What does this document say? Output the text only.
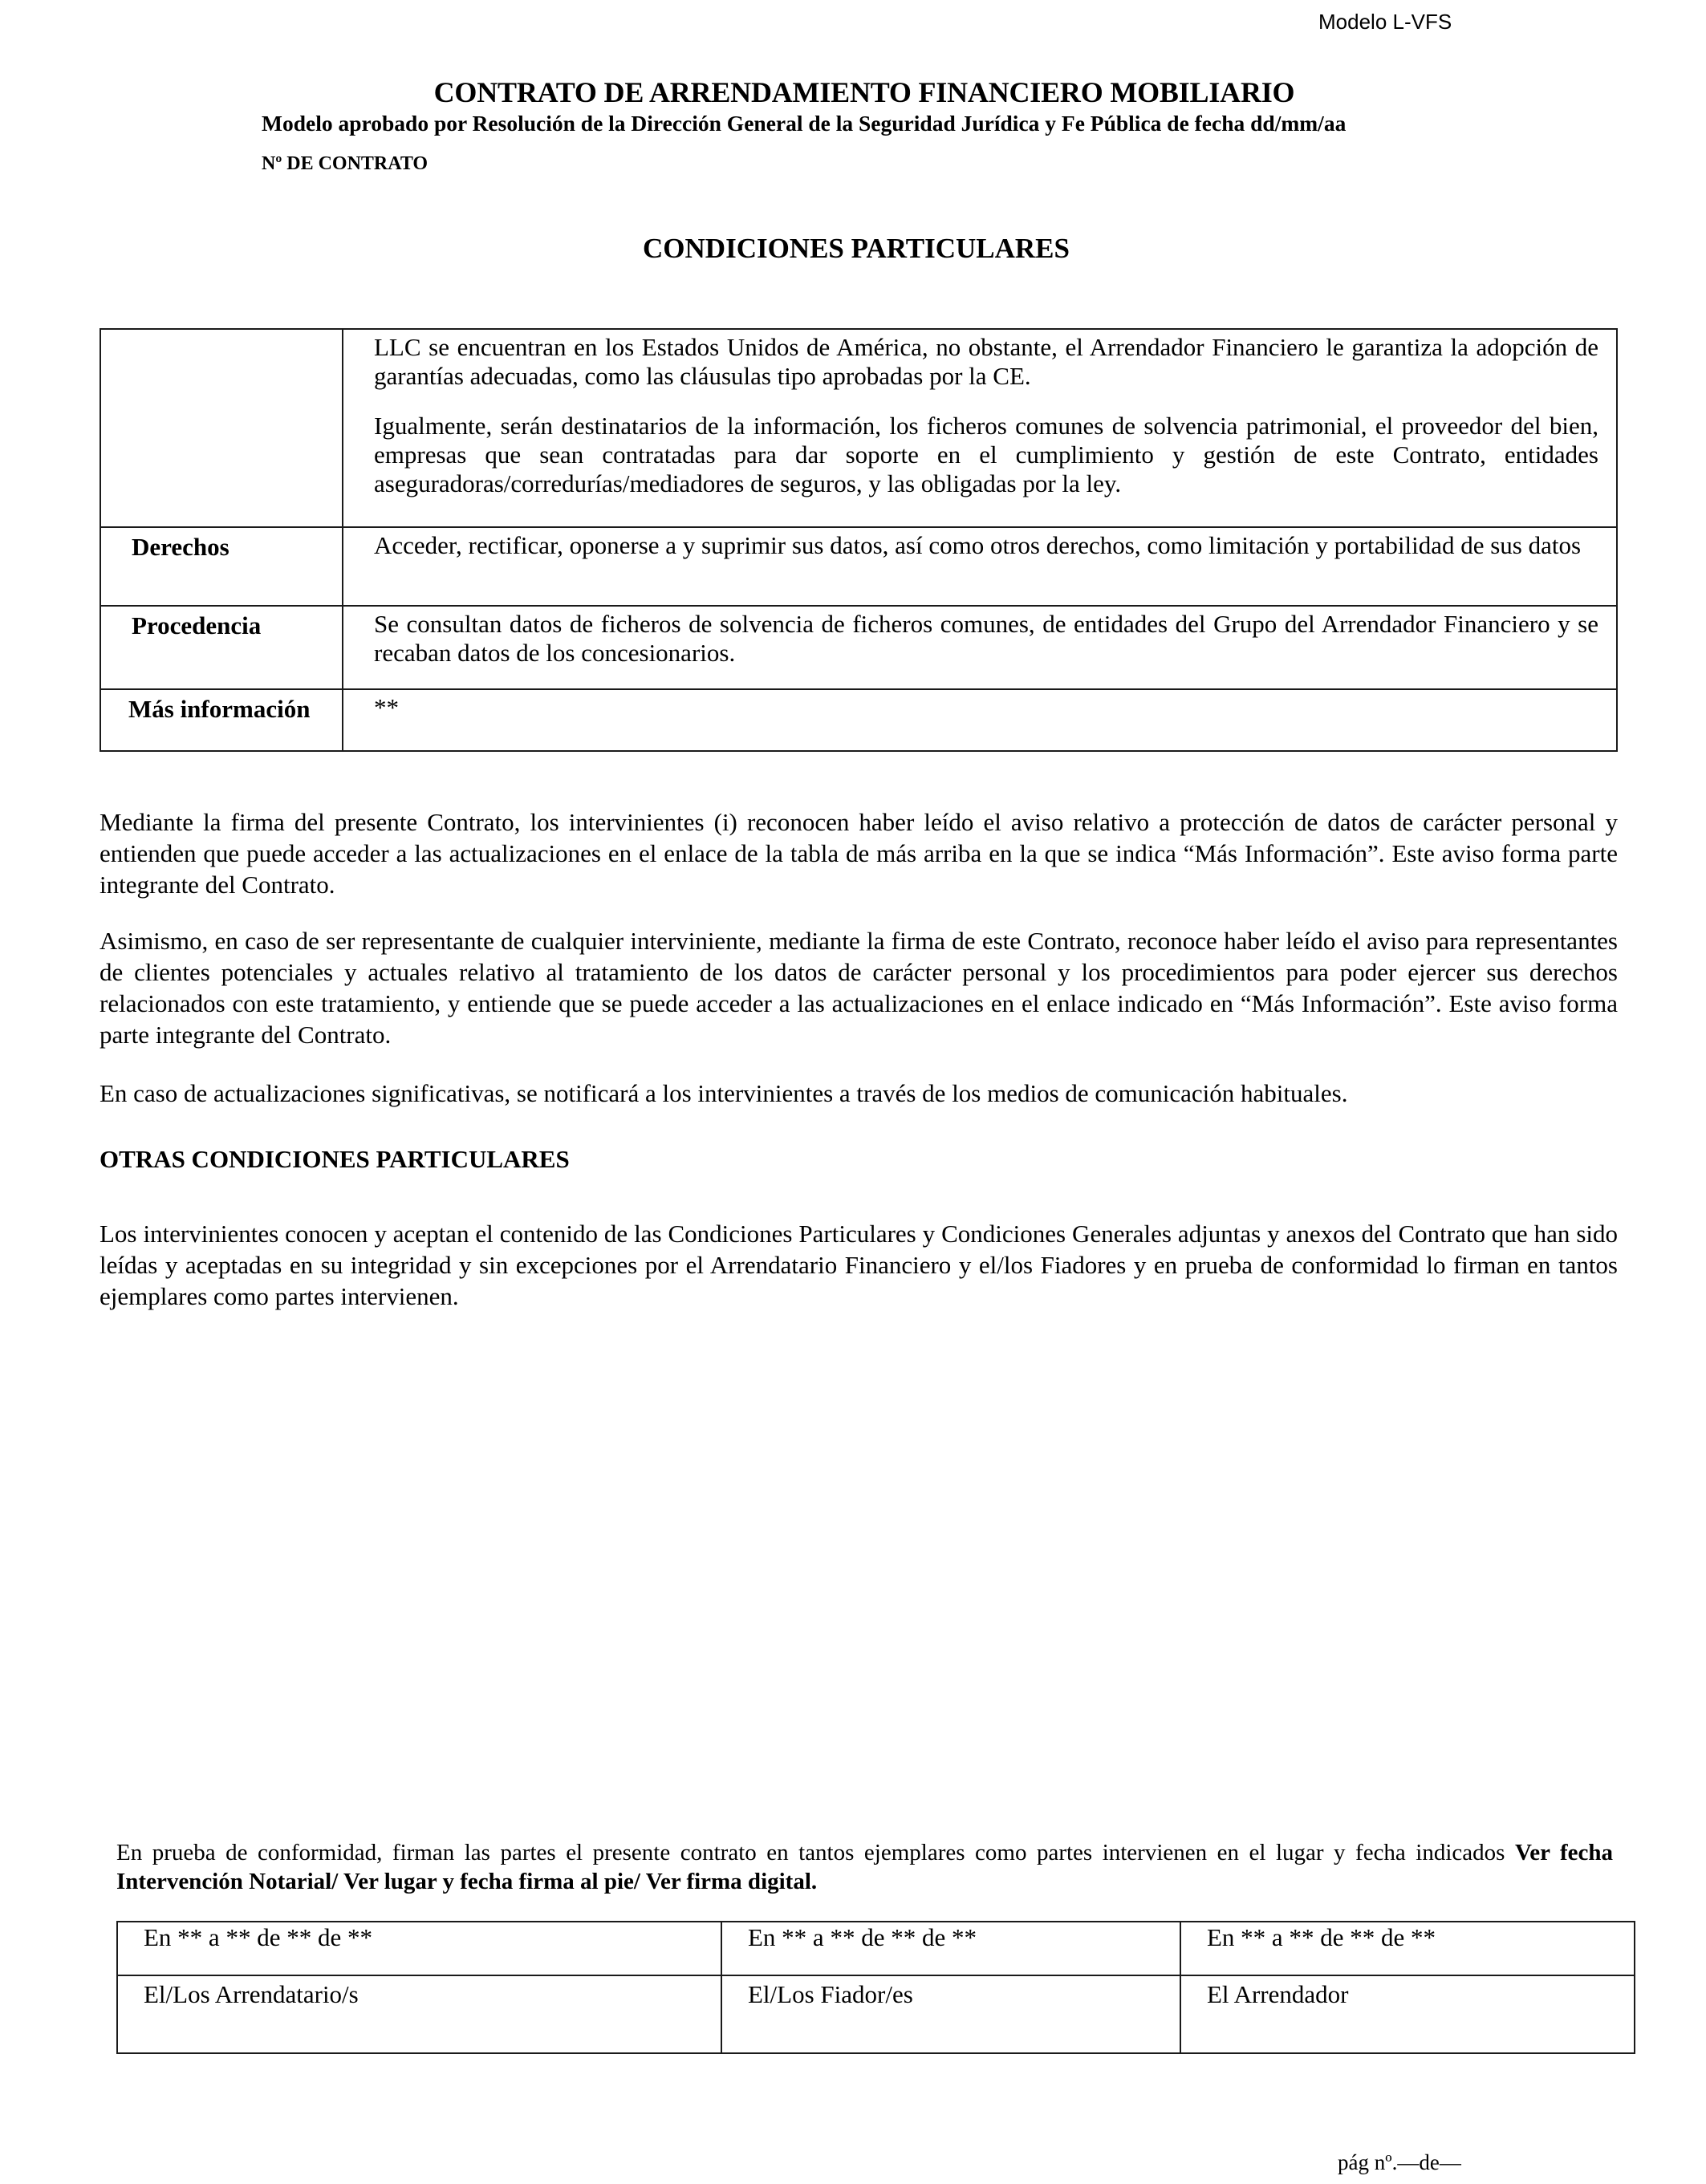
Modelo L-VFS
CONTRATO DE ARRENDAMIENTO FINANCIERO MOBILIARIO
Modelo aprobado por Resolución de la Dirección General de la Seguridad Jurídica y Fe Pública de fecha dd/mm/aa
Nº DE CONTRATO
CONDICIONES PARTICULARES

	LLC se encuentran en los Estados Unidos de América, no obstante, el Arrendador Financiero le garantiza la adopción de garantías adecuadas, como las cláusulas tipo aprobadas por la CE.

Igualmente, serán destinatarios de la información, los ficheros comunes de solvencia patrimonial, el proveedor del bien, empresas que sean contratadas para dar soporte en el cumplimiento y gestión de este Contrato, entidades aseguradoras/corredurías/mediadores de seguros, y las obligadas por la ley.

Derechos	Acceder, rectificar, oponerse a y suprimir sus datos, así como otros derechos, como limitación y portabilidad de sus datos

Procedencia	Se consultan datos de ficheros de solvencia de ficheros comunes, de entidades del Grupo del Arrendador Financiero y se recaban datos de los concesionarios.

Más información	**

Mediante la firma del presente Contrato, los intervinientes (i) reconocen haber leído el aviso relativo a protección de datos de carácter personal y entienden que puede acceder a las actualizaciones en el enlace de la tabla de más arriba en la que se indica “Más Información”. Este aviso forma parte integrante del Contrato.
Asimismo, en caso de ser representante de cualquier interviniente, mediante la firma de este Contrato, reconoce haber leído el aviso para representantes de clientes potenciales y actuales relativo al tratamiento de los datos de carácter personal y los procedimientos para poder ejercer sus derechos relacionados con este tratamiento, y entiende que se puede acceder a las actualizaciones en el enlace indicado en “Más Información”. Este aviso forma parte integrante del Contrato.
En caso de actualizaciones significativas, se notificará a los intervinientes a través de los medios de comunicación habituales.
OTRAS CONDICIONES PARTICULARES
Los intervinientes conocen y aceptan el contenido de las Condiciones Particulares y Condiciones Generales adjuntas y anexos del Contrato que han sido leídas y aceptadas en su integridad y sin excepciones por el Arrendatario Financiero y el/los Fiadores y en prueba de conformidad lo firman en tantos ejemplares como partes intervienen.
En prueba de conformidad, firman las partes el presente contrato en tantos ejemplares como partes intervienen en el lugar y fecha indicados Ver fecha Intervención Notarial/ Ver lugar y fecha firma al pie/ Ver firma digital.
En ** a ** de ** de **	En ** a ** de ** de **	En ** a ** de ** de **

El/Los Arrendatario/s	El/Los Fiador/es	El Arrendador
pág nº.—de—
